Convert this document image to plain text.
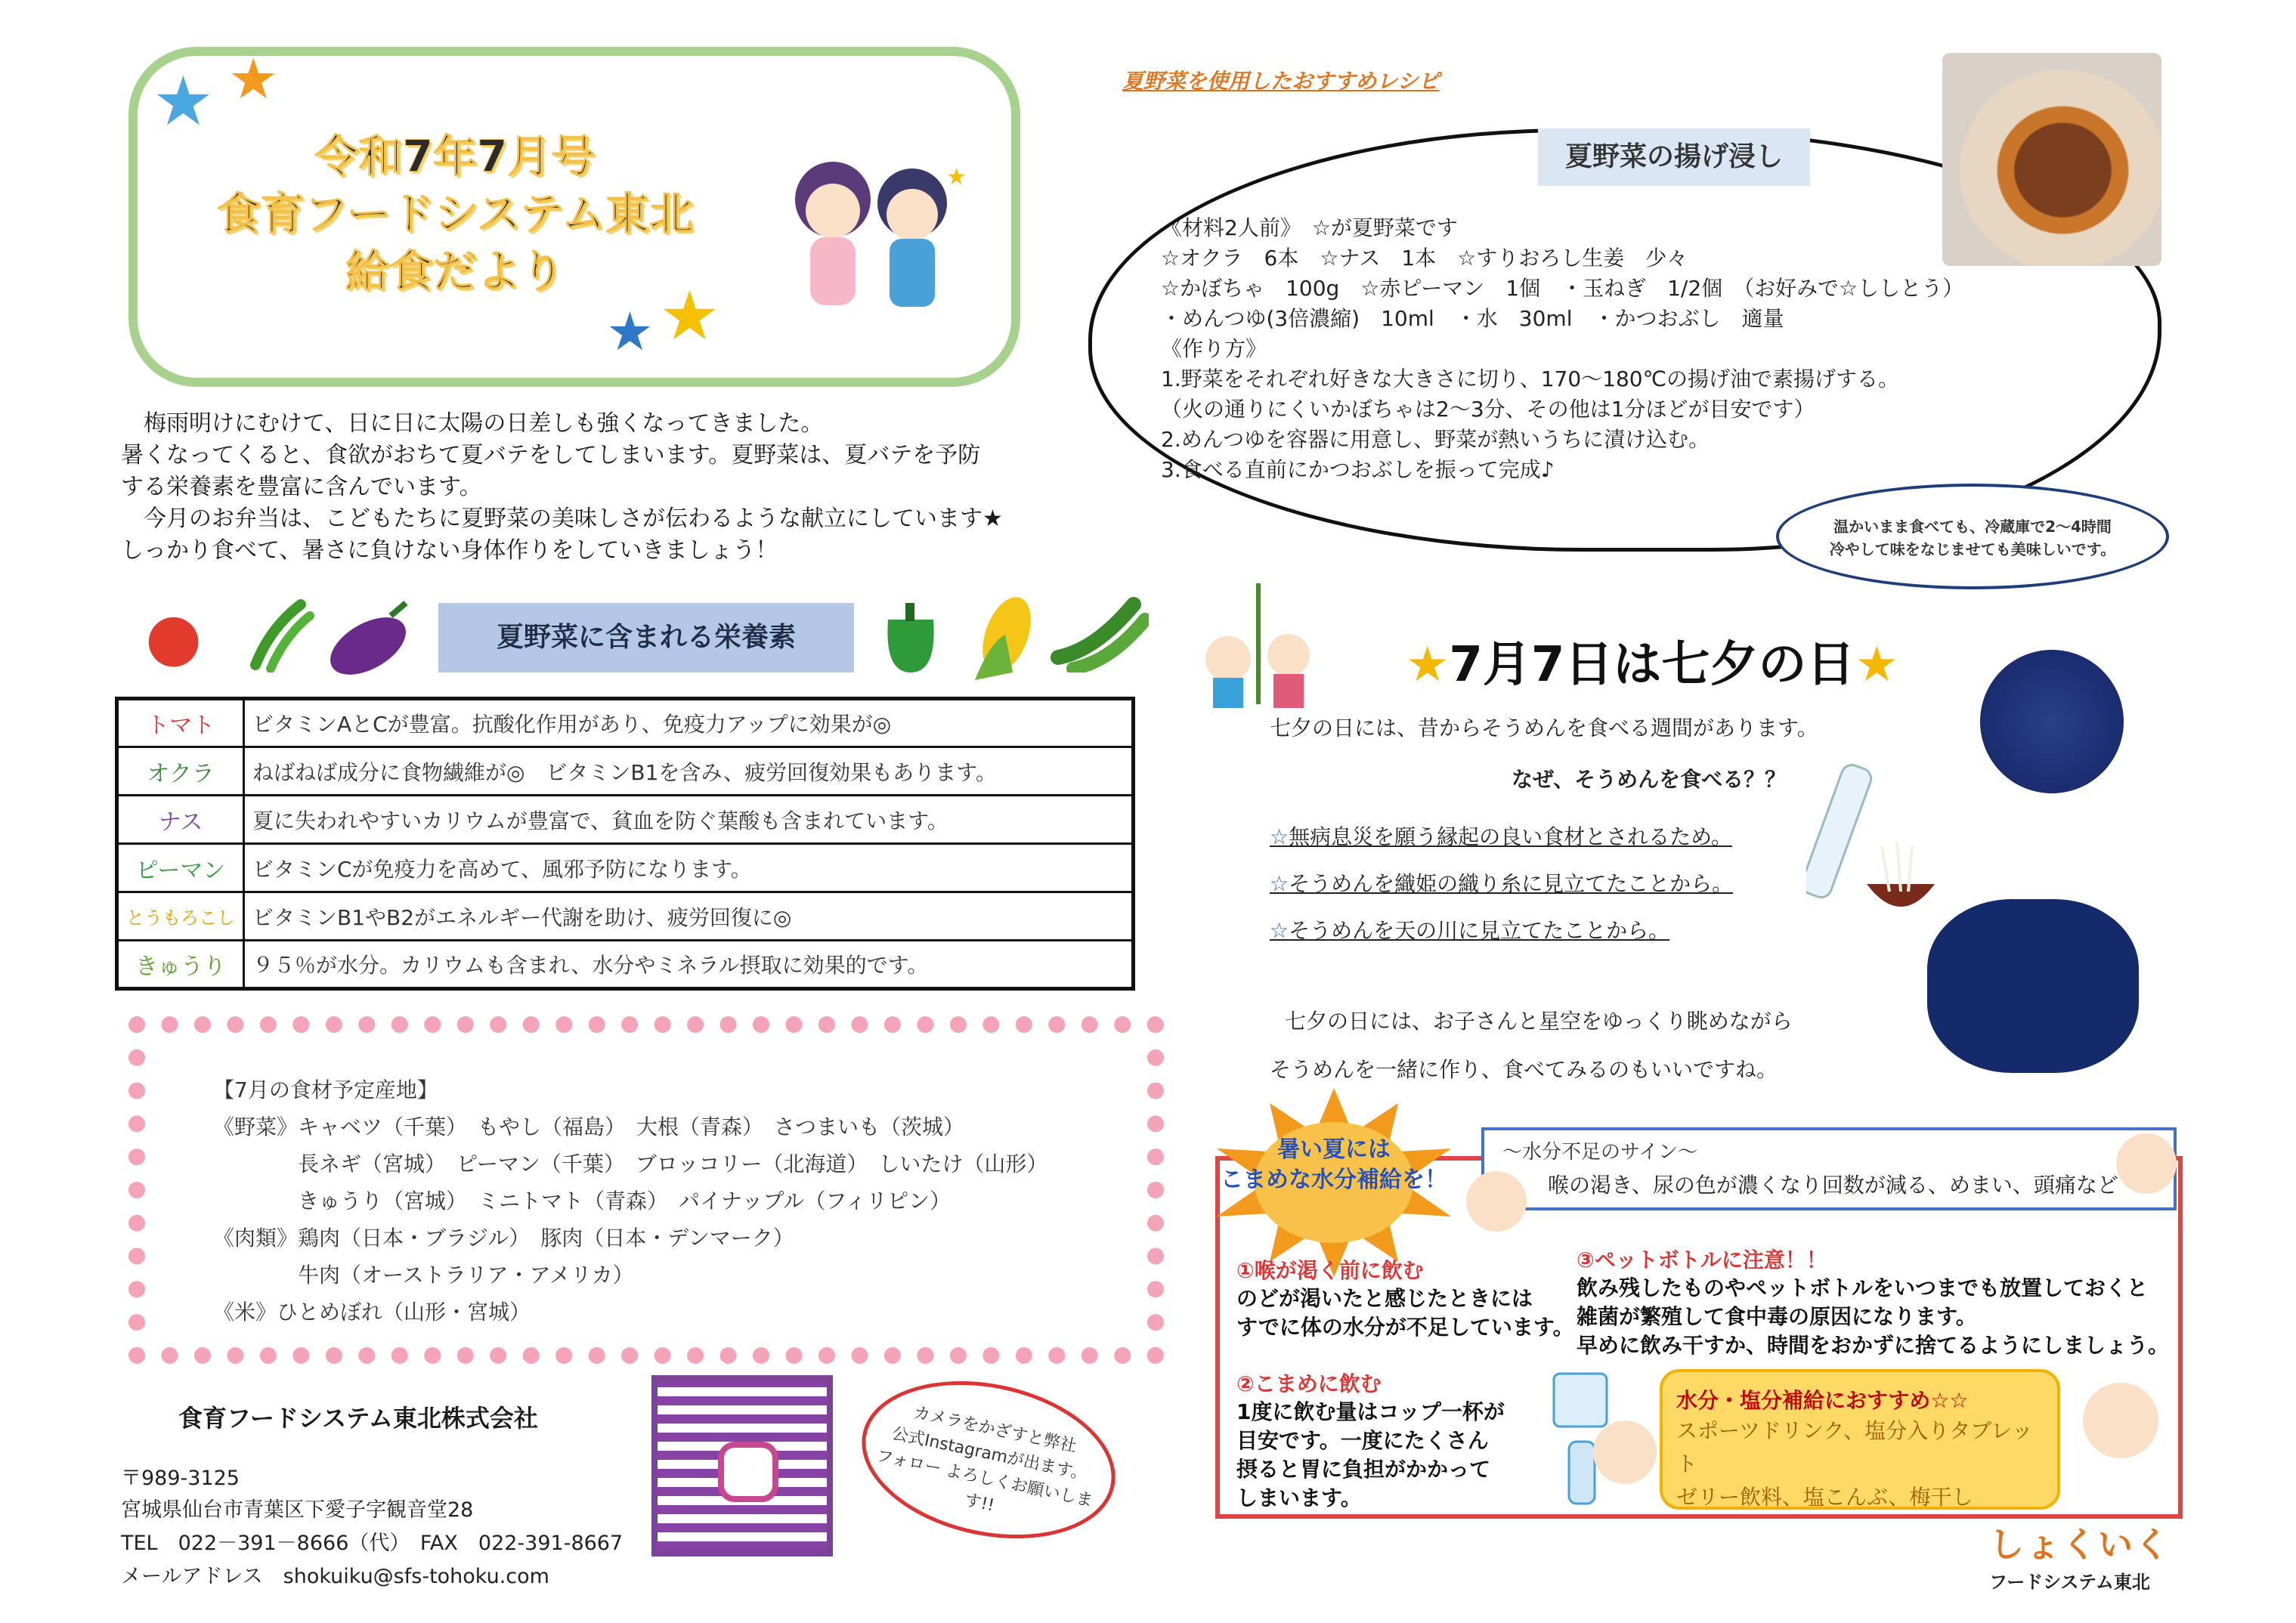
★ ★
令和7年7月号
食育フードシステム東北
給食だより
★ ★
★
　梅雨明けにむけて、日に日に太陽の日差しも強くなってきました。
暑くなってくると、食欲がおちて夏バテをしてしまいます。夏野菜は、夏バテを予防
する栄養素を豊富に含んでいます。
　今月のお弁当は、こどもたちに夏野菜の美味しさが伝わるような献立にしています★
しっかり食べて、暑さに負けない身体作りをしていきましょう！
●	夏野菜に含まれる栄養素
トマト	ビタミンAとCが豊富。抗酸化作用があり、免疫力アップに効果が◎
オクラ	ねばねば成分に食物繊維が◎　ビタミンB1を含み、疲労回復効果もあります。
ナス	夏に失われやすいカリウムが豊富で、貧血を防ぐ葉酸も含まれています。
ピーマン	ビタミンCが免疫力を高めて、風邪予防になります。
とうもろこし	ビタミンB1やB2がエネルギー代謝を助け、疲労回復に◎
きゅうり	９５％が水分。カリウムも含まれ、水分やミネラル摂取に効果的です。
【7月の食材予定産地】
《野菜》キャベツ（千葉）　もやし（福島）　大根（青森）　さつまいも（茨城）
　　　　長ネギ（宮城）　ピーマン（千葉）　ブロッコリー（北海道）　しいたけ（山形）
　　　　きゅうり（宮城）　ミニトマト（青森）　パイナップル（フィリピン）
《肉類》鶏肉（日本・ブラジル）　豚肉（日本・デンマーク）
　　　　牛肉（オーストラリア・アメリカ）
《米》ひとめぼれ（山形・宮城）
食育フードシステム東北株式会社
〒989-3125
宮城県仙台市青葉区下愛子字観音堂28
TEL　022－391－8666（代）　FAX　022-391-8667
メールアドレス　shokuiku@sfs-tohoku.com
カメラをかざすと弊社
公式Instagramが出ます。
フォロー よろしくお願いします!!
夏野菜を使用したおすすめレシピ
夏野菜の揚げ浸し
《材料2人前》　☆が夏野菜です
☆オクラ　6本　☆ナス　1本　☆すりおろし生姜　少々
☆かぼちゃ　100g　☆赤ピーマン　1個　・玉ねぎ　1/2個　（お好みで☆ししとう）
・めんつゆ(3倍濃縮)　10ml　・水　30ml　・かつおぶし　適量
《作り方》
1.野菜をそれぞれ好きな大きさに切り、170～180℃の揚げ油で素揚げする。
（火の通りにくいかぼちゃは2～3分、その他は1分ほどが目安です）
2.めんつゆを容器に用意し、野菜が熱いうちに漬け込む。
3.食べる直前にかつおぶしを振って完成♪
温かいまま食べても、冷蔵庫で2～4時間
冷やして味をなじませても美味しいです。
★7月7日は七夕の日★
七夕の日には、昔からそうめんを食べる週間があります。
なぜ、そうめんを食べる？？
☆無病息災を願う縁起の良い食材とされるため。
☆そうめんを織姫の織り糸に見立てたことから。
☆そうめんを天の川に見立てたことから。
七夕の日には、お子さんと星空をゆっくり眺めながら
そうめんを一緒に作り、食べてみるのもいいですね。
暑い夏には
こまめな水分補給を！
～水分不足のサイン～
喉の渇き、尿の色が濃くなり回数が減る、めまい、頭痛など
①喉が渇く前に飲む
のどが渇いたと感じたときには
すでに体の水分が不足しています。
②こまめに飲む
1度に飲む量はコップ一杯が
目安です。一度にたくさん
摂ると胃に負担がかかって
しまいます。
③ペットボトルに注意！！
飲み残したものやペットボトルをいつまでも放置しておくと
雑菌が繁殖して食中毒の原因になります。
早めに飲み干すか、時間をおかずに捨てるようにしましょう。
水分・塩分補給におすすめ☆☆
スポーツドリンク、塩分入りタブレット
ゼリー飲料、塩こんぶ、梅干し
しょくいく
フードシステム東北
